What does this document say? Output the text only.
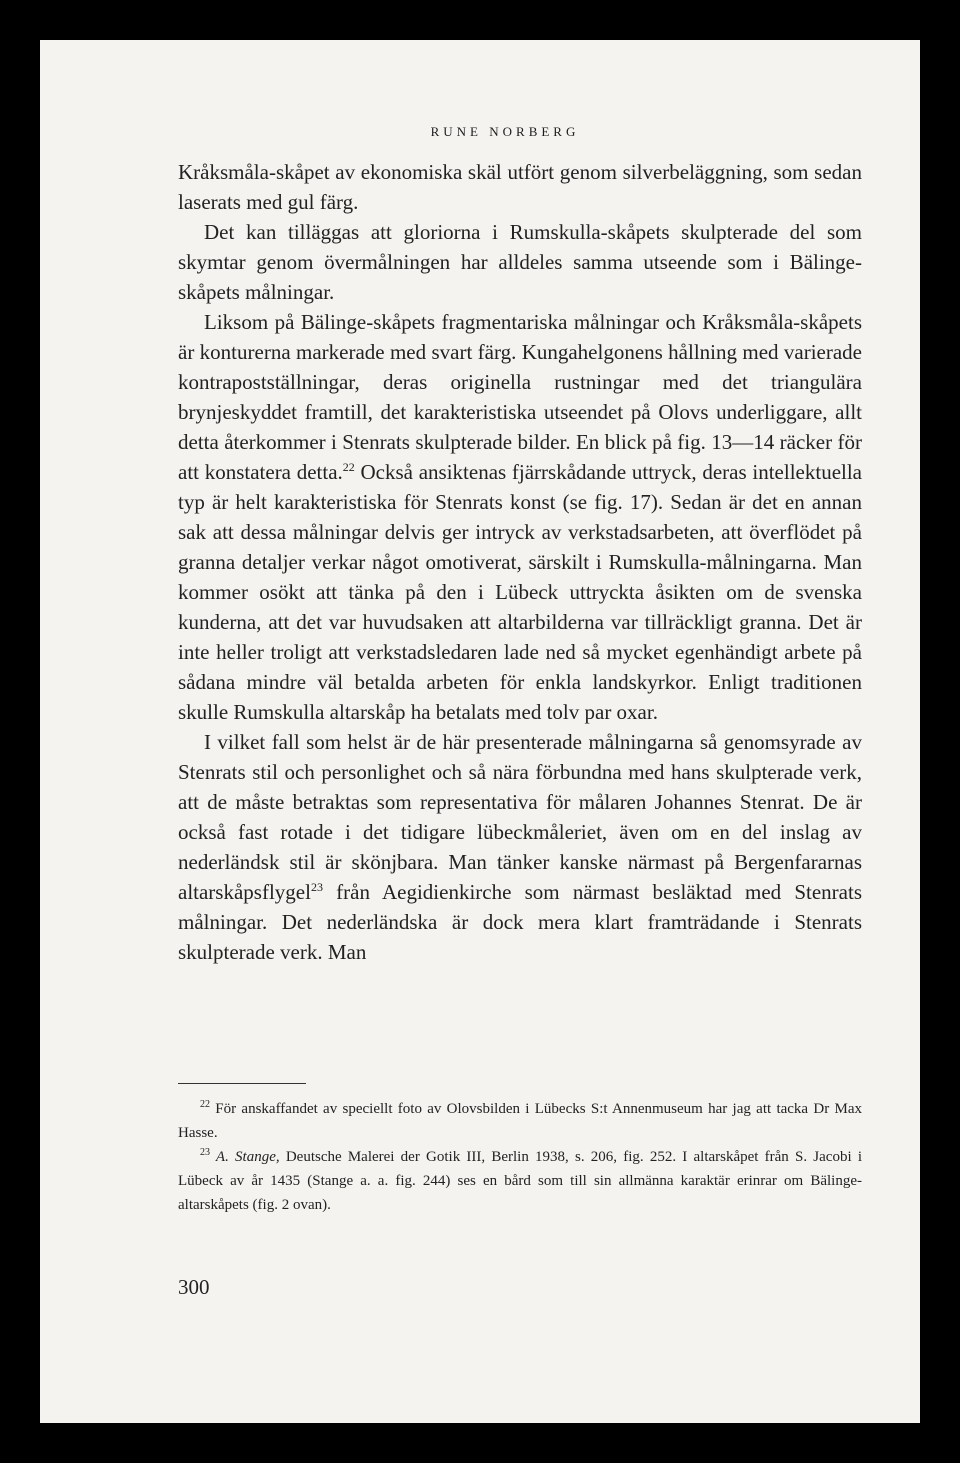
RUNE NORBERG

Kråksmåla-skåpet av ekonomiska skäl utfört genom silverbeläggning, som sedan laserats med gul färg.

Det kan tilläggas att gloriorna i Rumskulla-skåpets skulpterade del som skymtar genom övermålningen har alldeles samma utseende som i Bälinge-skåpets målningar.

Liksom på Bälinge-skåpets fragmentariska målningar och Kråksmåla-skåpets är konturerna markerade med svart färg. Kungahelgonens hållning med varierade kontrapostställningar, deras originella rustningar med det triangulära brynjeskyddet framtill, det karakteristiska utseendet på Olovs underliggare, allt detta återkommer i Stenrats skulpterade bilder. En blick på fig. 13—14 räcker för att konstatera detta.$^{22}$ Också ansiktenas fjärrskådande uttryck, deras intellektuella typ är helt karakteristiska för Stenrats konst (se fig. 17). Sedan är det en annan sak att dessa målningar delvis ger intryck av verkstadsarbeten, att överflödet på granna detaljer verkar något omotiverat, särskilt i Rumskulla-målningarna. Man kommer osökt att tänka på den i Lübeck uttryckta åsikten om de svenska kunderna, att det var huvudsaken att altarbilderna var tillräckligt granna. Det är inte heller troligt att verkstadsledaren lade ned så mycket egenhändigt arbete på sådana mindre väl betalda arbeten för enkla landskyrkor. Enligt traditionen skulle Rumskulla altarskåp ha betalats med tolv par oxar.

I vilket fall som helst är de här presenterade målningarna så genomsyrade av Stenrats stil och personlighet och så nära förbundna med hans skulpterade verk, att de måste betraktas som representativa för målaren Johannes Stenrat. De är också fast rotade i det tidigare lübeckmåleriet, även om en del inslag av nederländsk stil är skönjbara. Man tänker kanske närmast på Bergenfararnas altarskåpsflygel$^{23}$ från Aegidienkirche som närmast besläktad med Stenrats målningar. Det nederländska är dock mera klart framträdande i Stenrats skulpterade verk. Man

$^{22}$ För anskaffandet av speciellt foto av Olovsbilden i Lübecks S:t Annenmuseum har jag att tacka Dr Max Hasse.

$^{23}$ A. Stange, Deutsche Malerei der Gotik III, Berlin 1938, s. 206, fig. 252. I altarskåpet från S. Jacobi i Lübeck av år 1435 (Stange a. a. fig. 244) ses en bård som till sin allmänna karaktär erinrar om Bälinge-altarskåpets (fig. 2 ovan).

300
